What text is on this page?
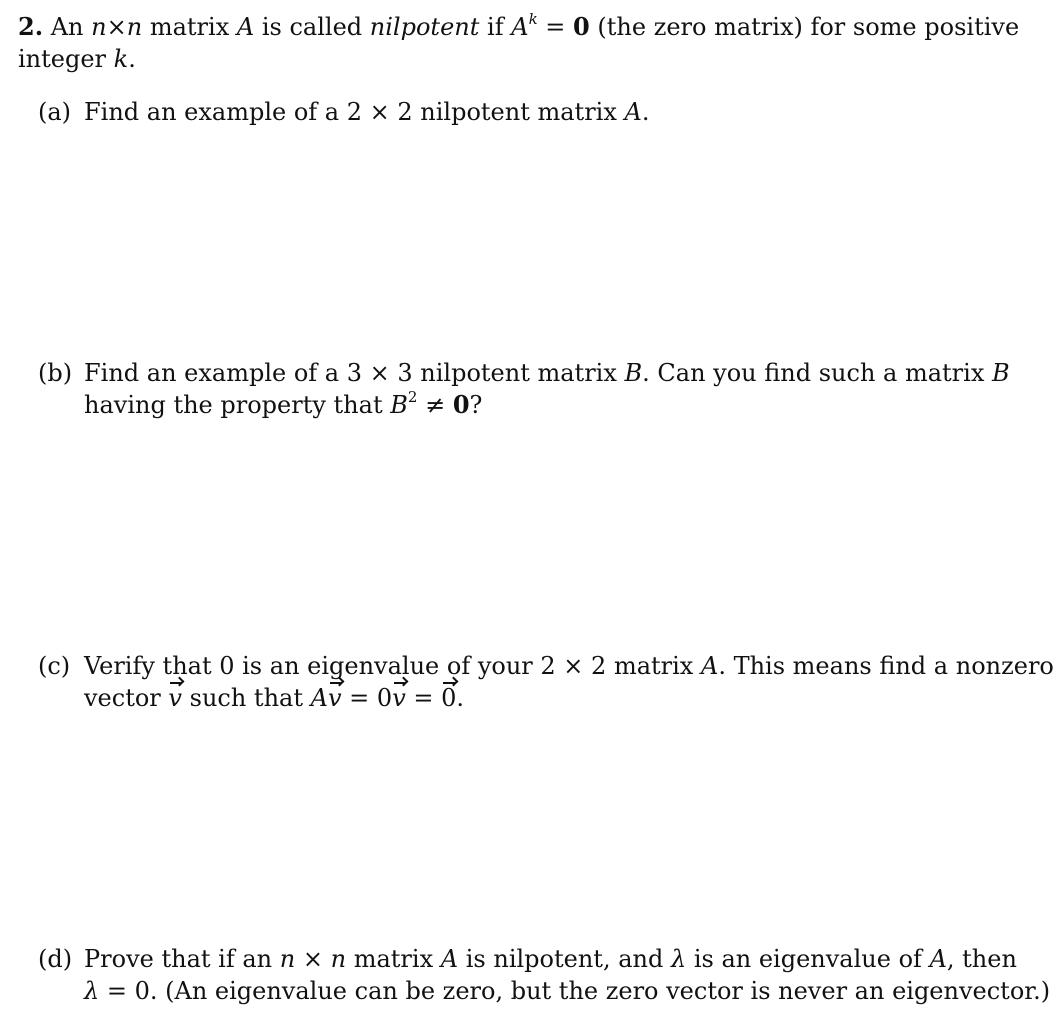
2. An n×n matrix A is called nilpotent if $A^k = 0$ (the zero matrix) for some positive
integer k.
(a) Find an example of a 2 × 2 nilpotent matrix A.
(b) Find an example of a 3 × 3 nilpotent matrix B. Can you find such a matrix B
having the property that $B^2 \ne 0$?
(c) Verify that 0 is an eigenvalue of your 2 × 2 matrix A. This means find a nonzero
vector v such that Av = 0v = 0.
(d) Prove that if an n × n matrix A is nilpotent, and λ is an eigenvalue of A, then
λ = 0. (An eigenvalue can be zero, but the zero vector is never an eigenvector.)
